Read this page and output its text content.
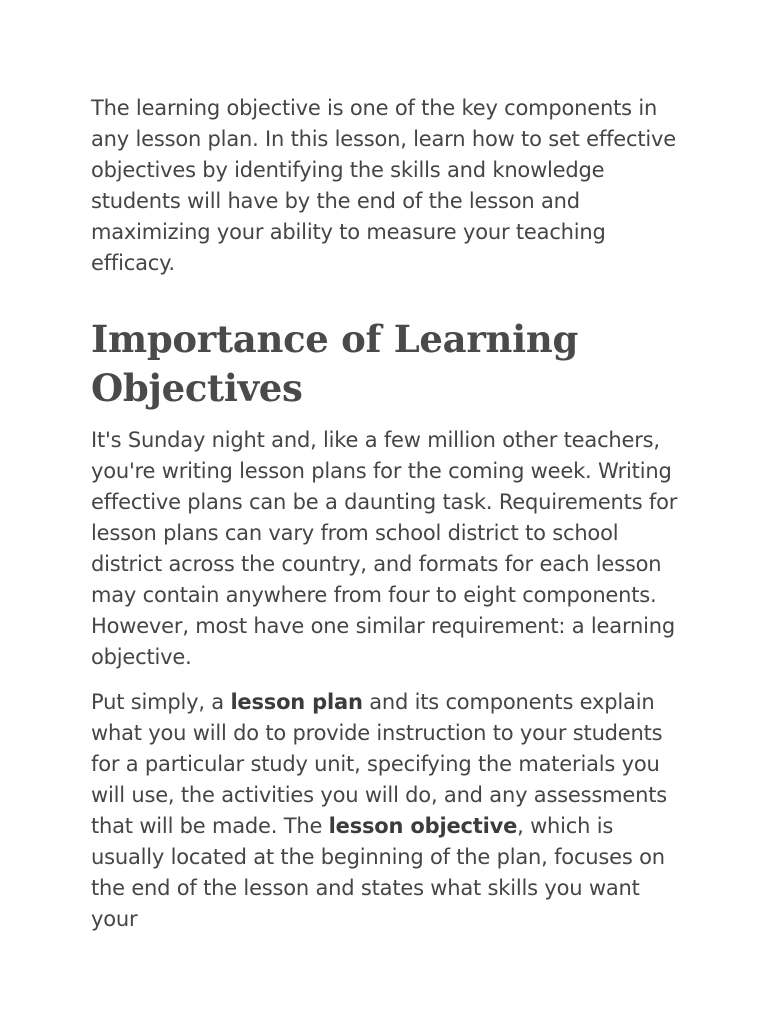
The learning objective is one of the key components in any lesson plan. In this lesson, learn how to set effective objectives by identifying the skills and knowledge students will have by the end of the lesson and maximizing your ability to measure your teaching efficacy.

Importance of Learning Objectives

It's Sunday night and, like a few million other teachers, you're writing lesson plans for the coming week. Writing effective plans can be a daunting task. Requirements for lesson plans can vary from school district to school district across the country, and formats for each lesson may contain anywhere from four to eight components. However, most have one similar requirement: a learning objective.

Put simply, a lesson plan and its components explain what you will do to provide instruction to your students for a particular study unit, specifying the materials you will use, the activities you will do, and any assessments that will be made. The lesson objective, which is usually located at the beginning of the plan, focuses on the end of the lesson and states what skills you want your
